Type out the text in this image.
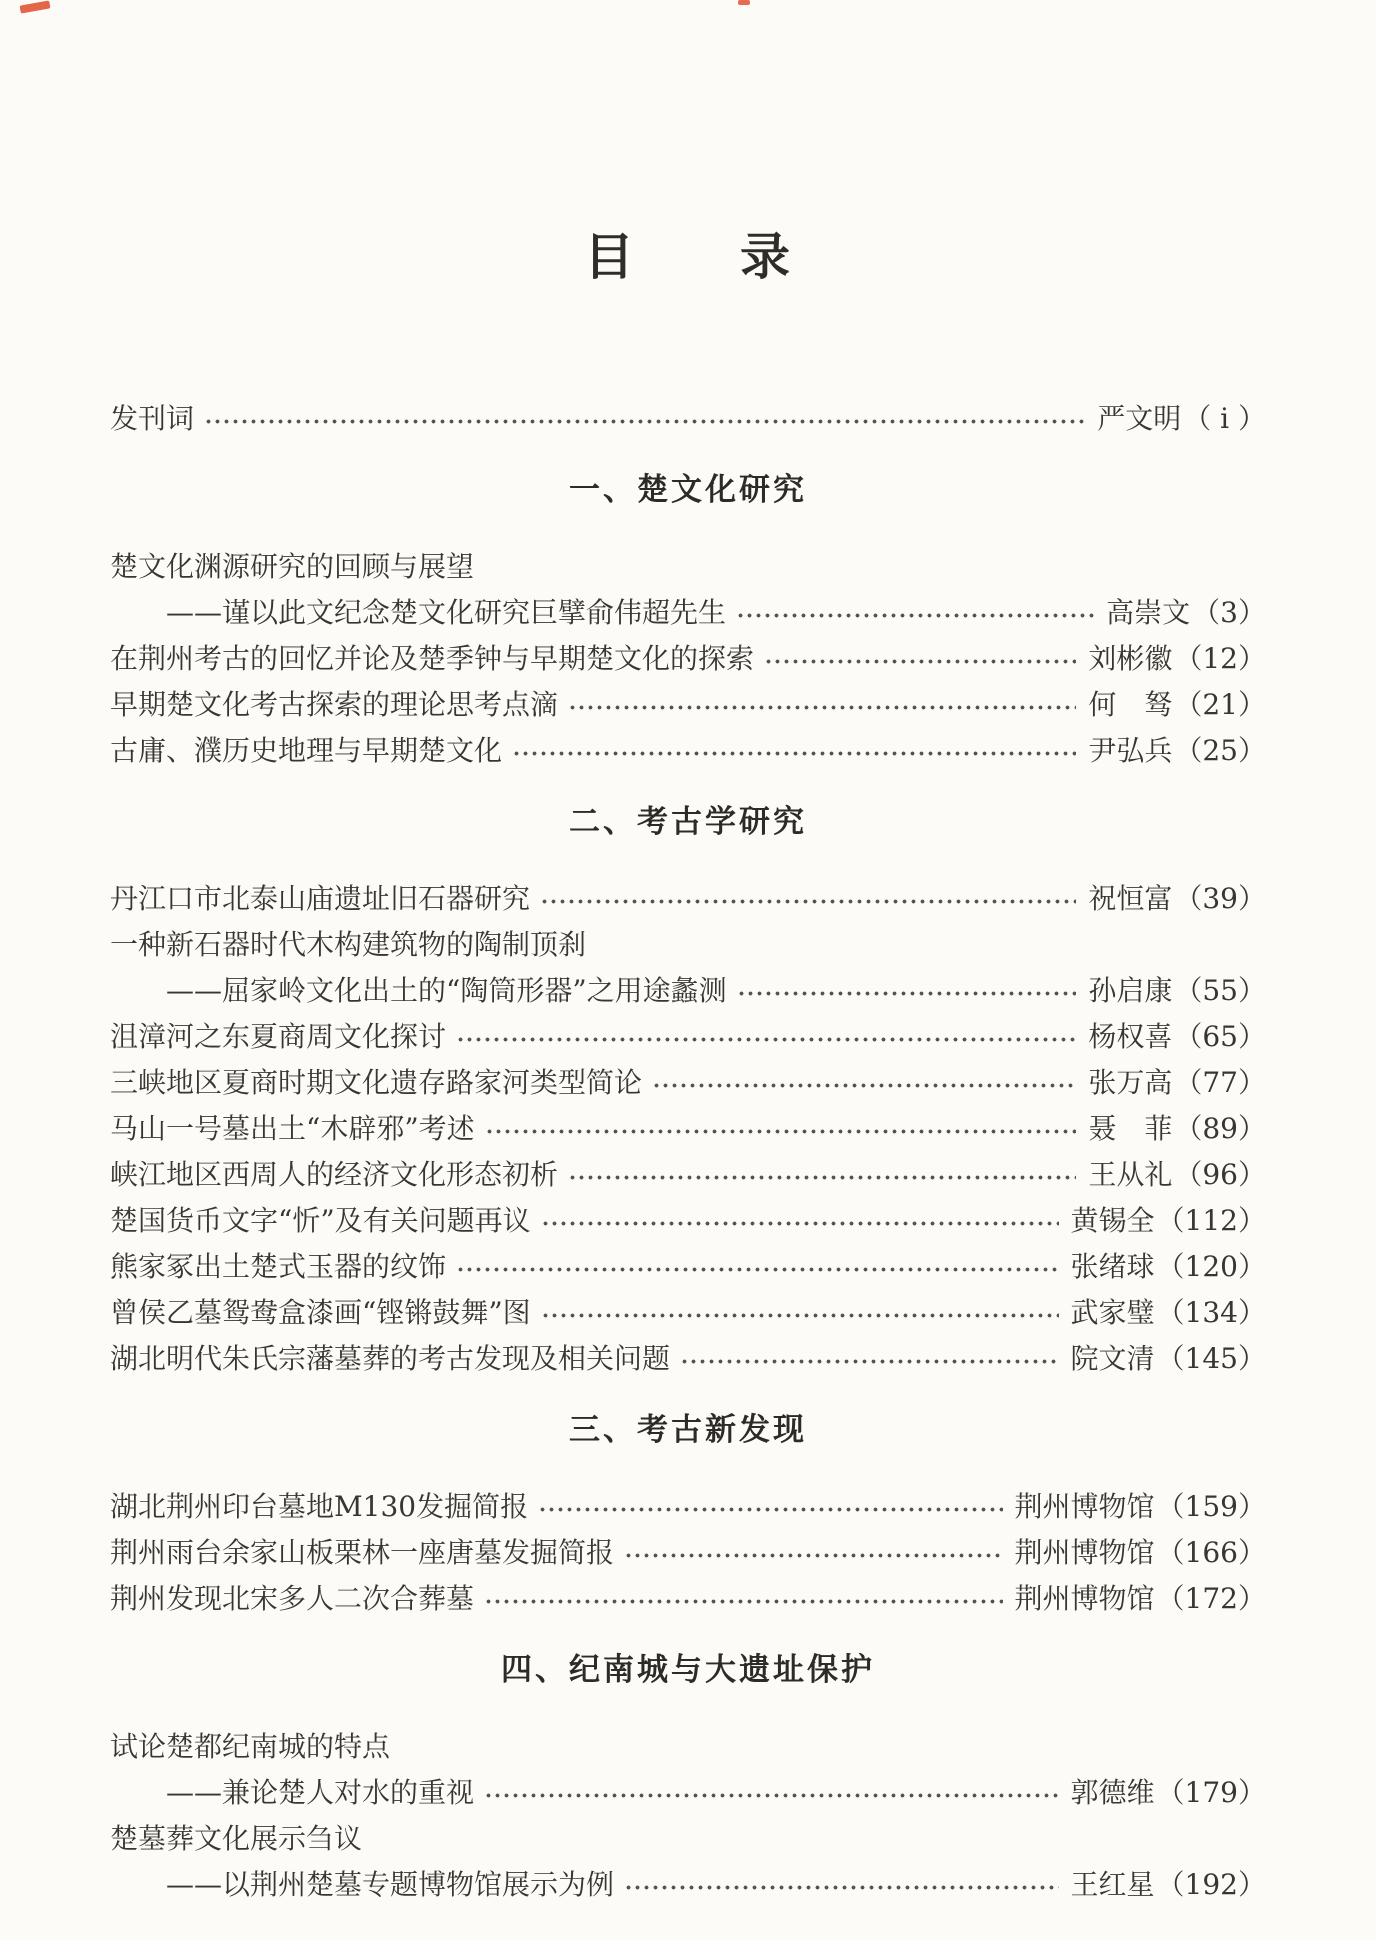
目　　录
发刊词	严文明 （ i ）
一、楚文化研究
楚文化渊源研究的回顾与展望
——谨以此文纪念楚文化研究巨擘俞伟超先生	高崇文 （3）
在荆州考古的回忆并论及楚季钟与早期楚文化的探索	刘彬徽 （12）
早期楚文化考古探索的理论思考点滴	何　驽 （21）
古庸、濮历史地理与早期楚文化	尹弘兵 （25）
二、考古学研究
丹江口市北泰山庙遗址旧石器研究	祝恒富 （39）
一种新石器时代木构建筑物的陶制顶刹
——屈家岭文化出土的“陶筒形器”之用途蠡测	孙启康 （55）
沮漳河之东夏商周文化探讨	杨权喜 （65）
三峡地区夏商时期文化遗存路家河类型简论	张万高 （77）
马山一号墓出土“木辟邪”考述	聂　菲 （89）
峡江地区西周人的经济文化形态初析	王从礼 （96）
楚国货币文字“忻”及有关问题再议	黄锡全 （112）
熊家冢出土楚式玉器的纹饰	张绪球 （120）
曾侯乙墓鸳鸯盒漆画“铿锵鼓舞”图	武家璧 （134）
湖北明代朱氏宗藩墓葬的考古发现及相关问题	院文清 （145）
三、考古新发现
湖北荆州印台墓地M130发掘简报	荆州博物馆 （159）
荆州雨台余家山板栗林一座唐墓发掘简报	荆州博物馆 （166）
荆州发现北宋多人二次合葬墓	荆州博物馆 （172）
四、纪南城与大遗址保护
试论楚都纪南城的特点
——兼论楚人对水的重视	郭德维 （179）
楚墓葬文化展示刍议
——以荆州楚墓专题博物馆展示为例	王红星 （192）
